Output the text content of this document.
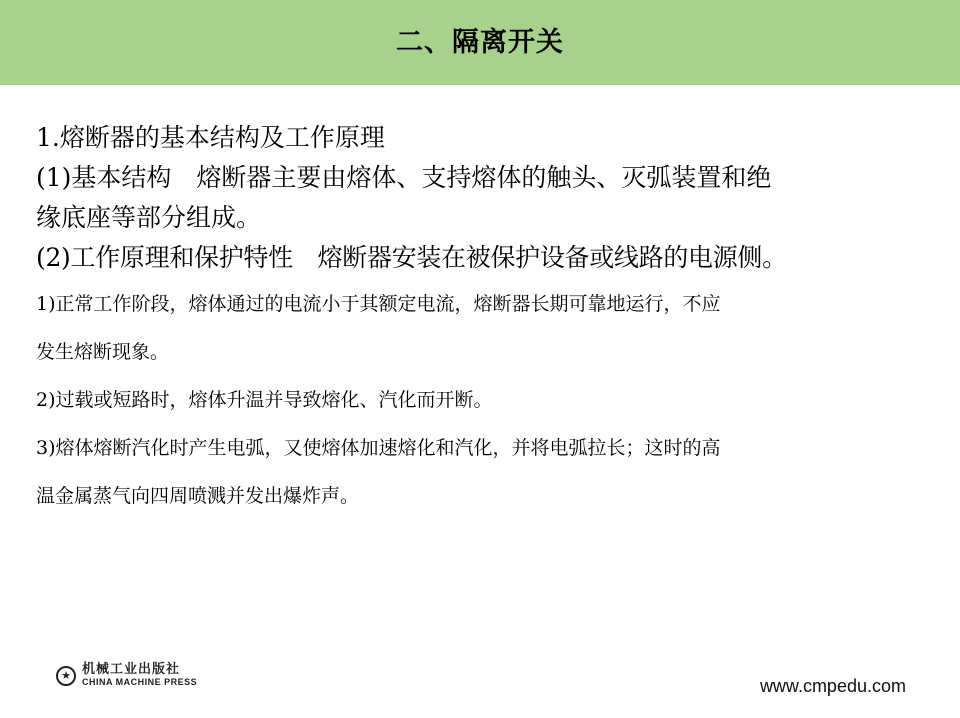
二、隔离开关
1.熔断器的基本结构及工作原理
(1)基本结构　熔断器主要由熔体、支持熔体的触头、灭弧装置和绝
缘底座等部分组成。
(2)工作原理和保护特性　熔断器安装在被保护设备或线路的电源侧。
1)正常工作阶段，熔体通过的电流小于其额定电流，熔断器长期可靠地运行，不应
发生熔断现象。
2)过载或短路时，熔体升温并导致熔化、汽化而开断。
3)熔体熔断汽化时产生电弧，又使熔体加速熔化和汽化，并将电弧拉长；这时的高
温金属蒸气向四周喷溅并发出爆炸声。
★ 机械工业出版社
CHINA MACHINE PRESS	www.cmpedu.com
